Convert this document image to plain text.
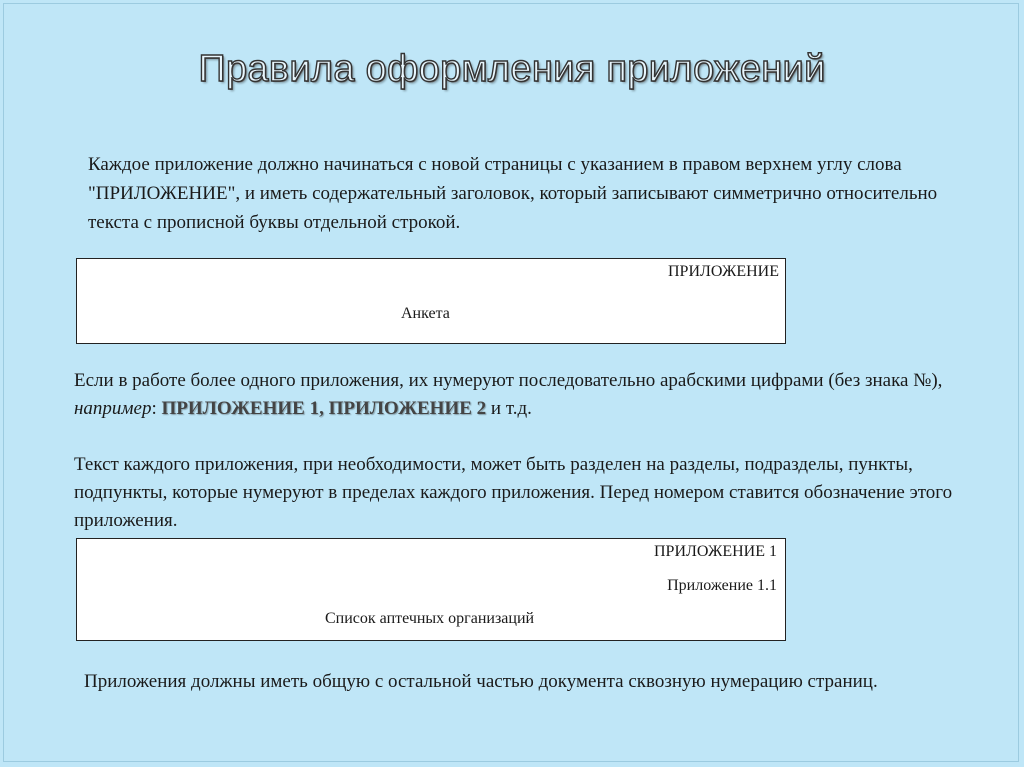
Правила оформления приложений

Каждое приложение должно начинаться с новой страницы с указанием в правом верхнем углу слова "ПРИЛОЖЕНИЕ", и иметь содержательный заголовок, который записывают симметрично относительно текста с прописной буквы отдельной строкой.

ПРИЛОЖЕНИЕ
Анкета

Если в работе более одного приложения, их нумеруют последовательно арабскими цифрами (без знака №), например: ПРИЛОЖЕНИЕ 1, ПРИЛОЖЕНИЕ 2 и т.д.

Текст каждого приложения, при необходимости, может быть разделен на разделы, подразделы, пункты, подпункты, которые нумеруют в пределах каждого приложения. Перед номером ставится обозначение этого приложения.

ПРИЛОЖЕНИЕ 1
Приложение 1.1
Список аптечных организаций

Приложения должны иметь общую с остальной частью документа сквозную нумерацию страниц.
